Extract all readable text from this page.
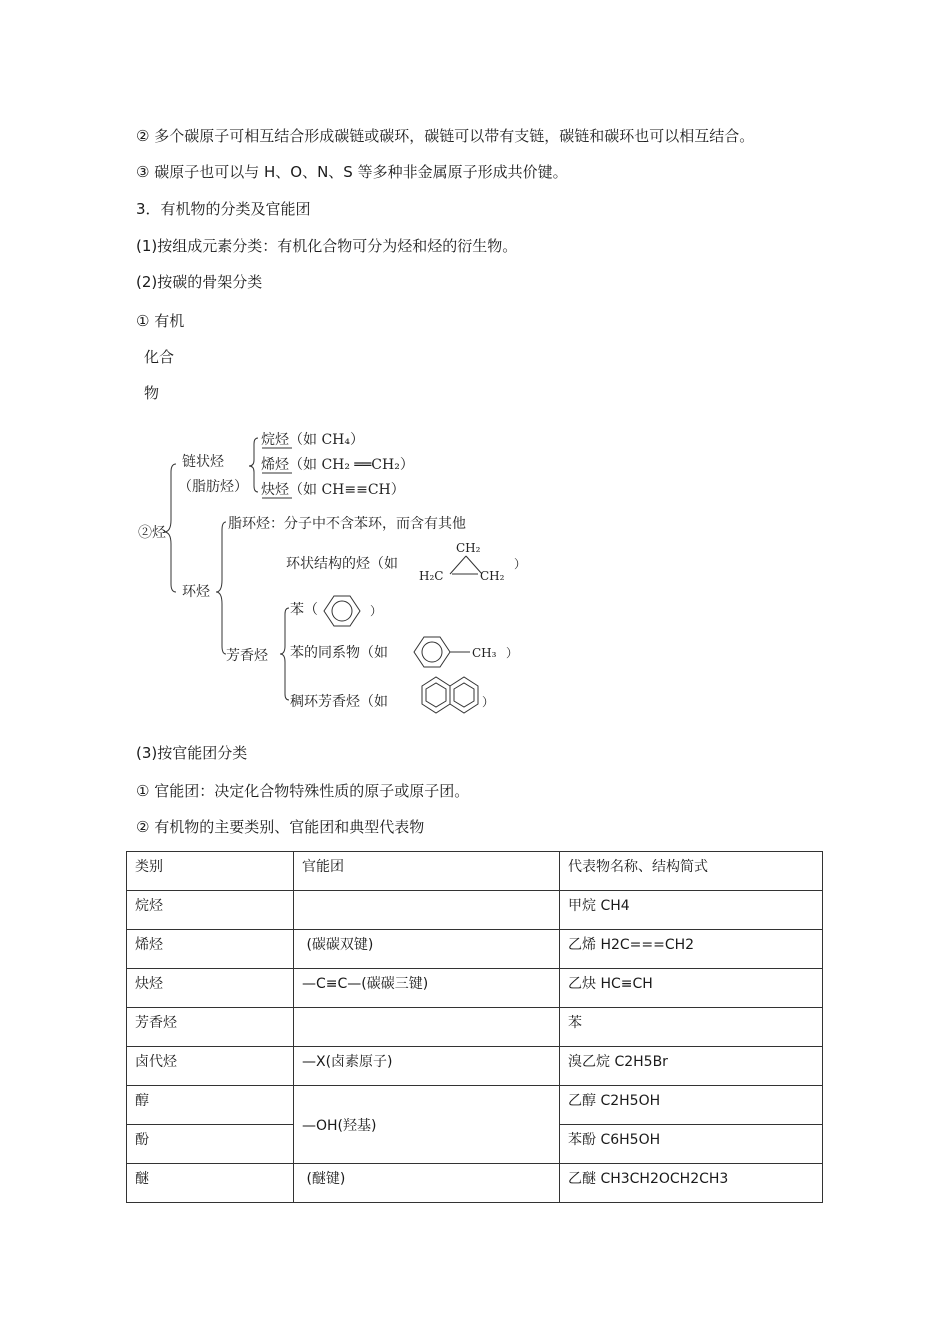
② 多个碳原子可相互结合形成碳链或碳环，碳链可以带有支链，碳链和碳环也可以相互结合。
③ 碳原子也可以与 H、O、N、S 等多种非金属原子形成共价键。
3．有机物的分类及官能团
(1)按组成元素分类：有机化合物可分为烃和烃的衍生物。
(2)按碳的骨架分类
① 有机
化合
物
②烃
链状烃
（脂肪烃）
烷烃（如 CH₄）
烯烃（如 CH₂ ══CH₂）
炔烃（如 CH≡≡CH）
环烃
脂环烃：分子中不含苯环，而含有其他
环状结构的烃（如
芳香烃
苯（
苯的同系物（如
稠环芳香烃（如
CH₂
H₂C	CH₂
）
）
CH₃ ）
）
(3)按官能团分类
① 官能团：决定化合物特殊性质的原子或原子团。
② 有机物的主要类别、官能团和典型代表物
类别	官能团	代表物名称、结构简式
烷烃		甲烷 CH4
烯烃	(碳碳双键)	乙烯 H2C===CH2
炔烃	—C≡C—(碳碳三键)	乙炔 HC≡CH
芳香烃		苯
卤代烃	—X(卤素原子)	溴乙烷 C2H5Br
醇	—OH(羟基)	乙醇 C2H5OH
酚		苯酚 C6H5OH
醚	(醚键)	乙醚 CH3CH2OCH2CH3
